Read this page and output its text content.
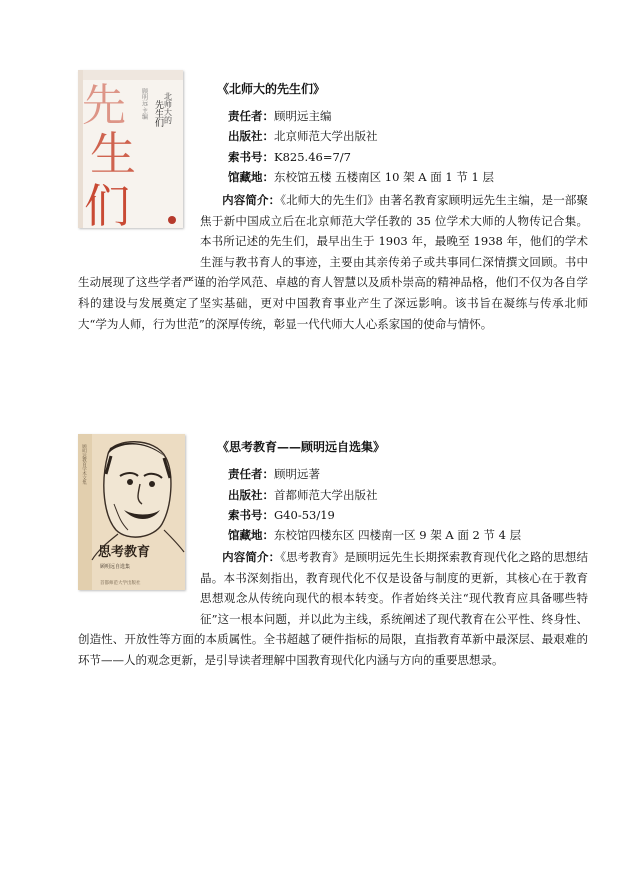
先
生
们
北师大的
先生们
顾明远 主编	《北师大的先生们》
责任者：顾明远主编
出版社：北京师范大学出版社
索书号：K825.46=7/7
馆藏地：东校馆五楼 五楼南区 10 架 A 面 1 节 1 层
内容简介：《北师大的先生们》由著名教育家顾明远先生主编，是一部聚焦于新中国成立后在北京师范大学任教的 35 位学术大师的人物传记合集。本书所记述的先生们，最早出生于 1903 年，最晚至 1938 年，他们的学术生涯与教书育人的事迹，主要由其亲传弟子或共事同仁深情撰文回顾。书中生动展现了这些学者严谨的治学风范、卓越的育人智慧以及质朴崇高的精神品格，他们不仅为各自学科的建设与发展奠定了坚实基础，更对中国教育事业产生了深远影响。该书旨在凝练与传承北师大“学为人师，行为世范”的深厚传统，彰显一代代师大人心系家国的使命与情怀。
顾明远教育学术文集
思考教育
顾明远自选集
首都师范大学出版社
《思考教育——顾明远自选集》
责任者：顾明远著
出版社：首都师范大学出版社
索书号：G40-53/19
馆藏地：东校馆四楼东区 四楼南一区 9 架 A 面 2 节 4 层
内容简介：《思考教育》是顾明远先生长期探索教育现代化之路的思想结晶。本书深刻指出，教育现代化不仅是设备与制度的更新，其核心在于教育思想观念从传统向现代的根本转变。作者始终关注“现代教育应具备哪些特征”这一根本问题，并以此为主线，系统阐述了现代教育在公平性、终身性、创造性、开放性等方面的本质属性。全书超越了硬件指标的局限，直指教育革新中最深层、最艰难的环节——人的观念更新，是引导读者理解中国教育现代化内涵与方向的重要思想录。
